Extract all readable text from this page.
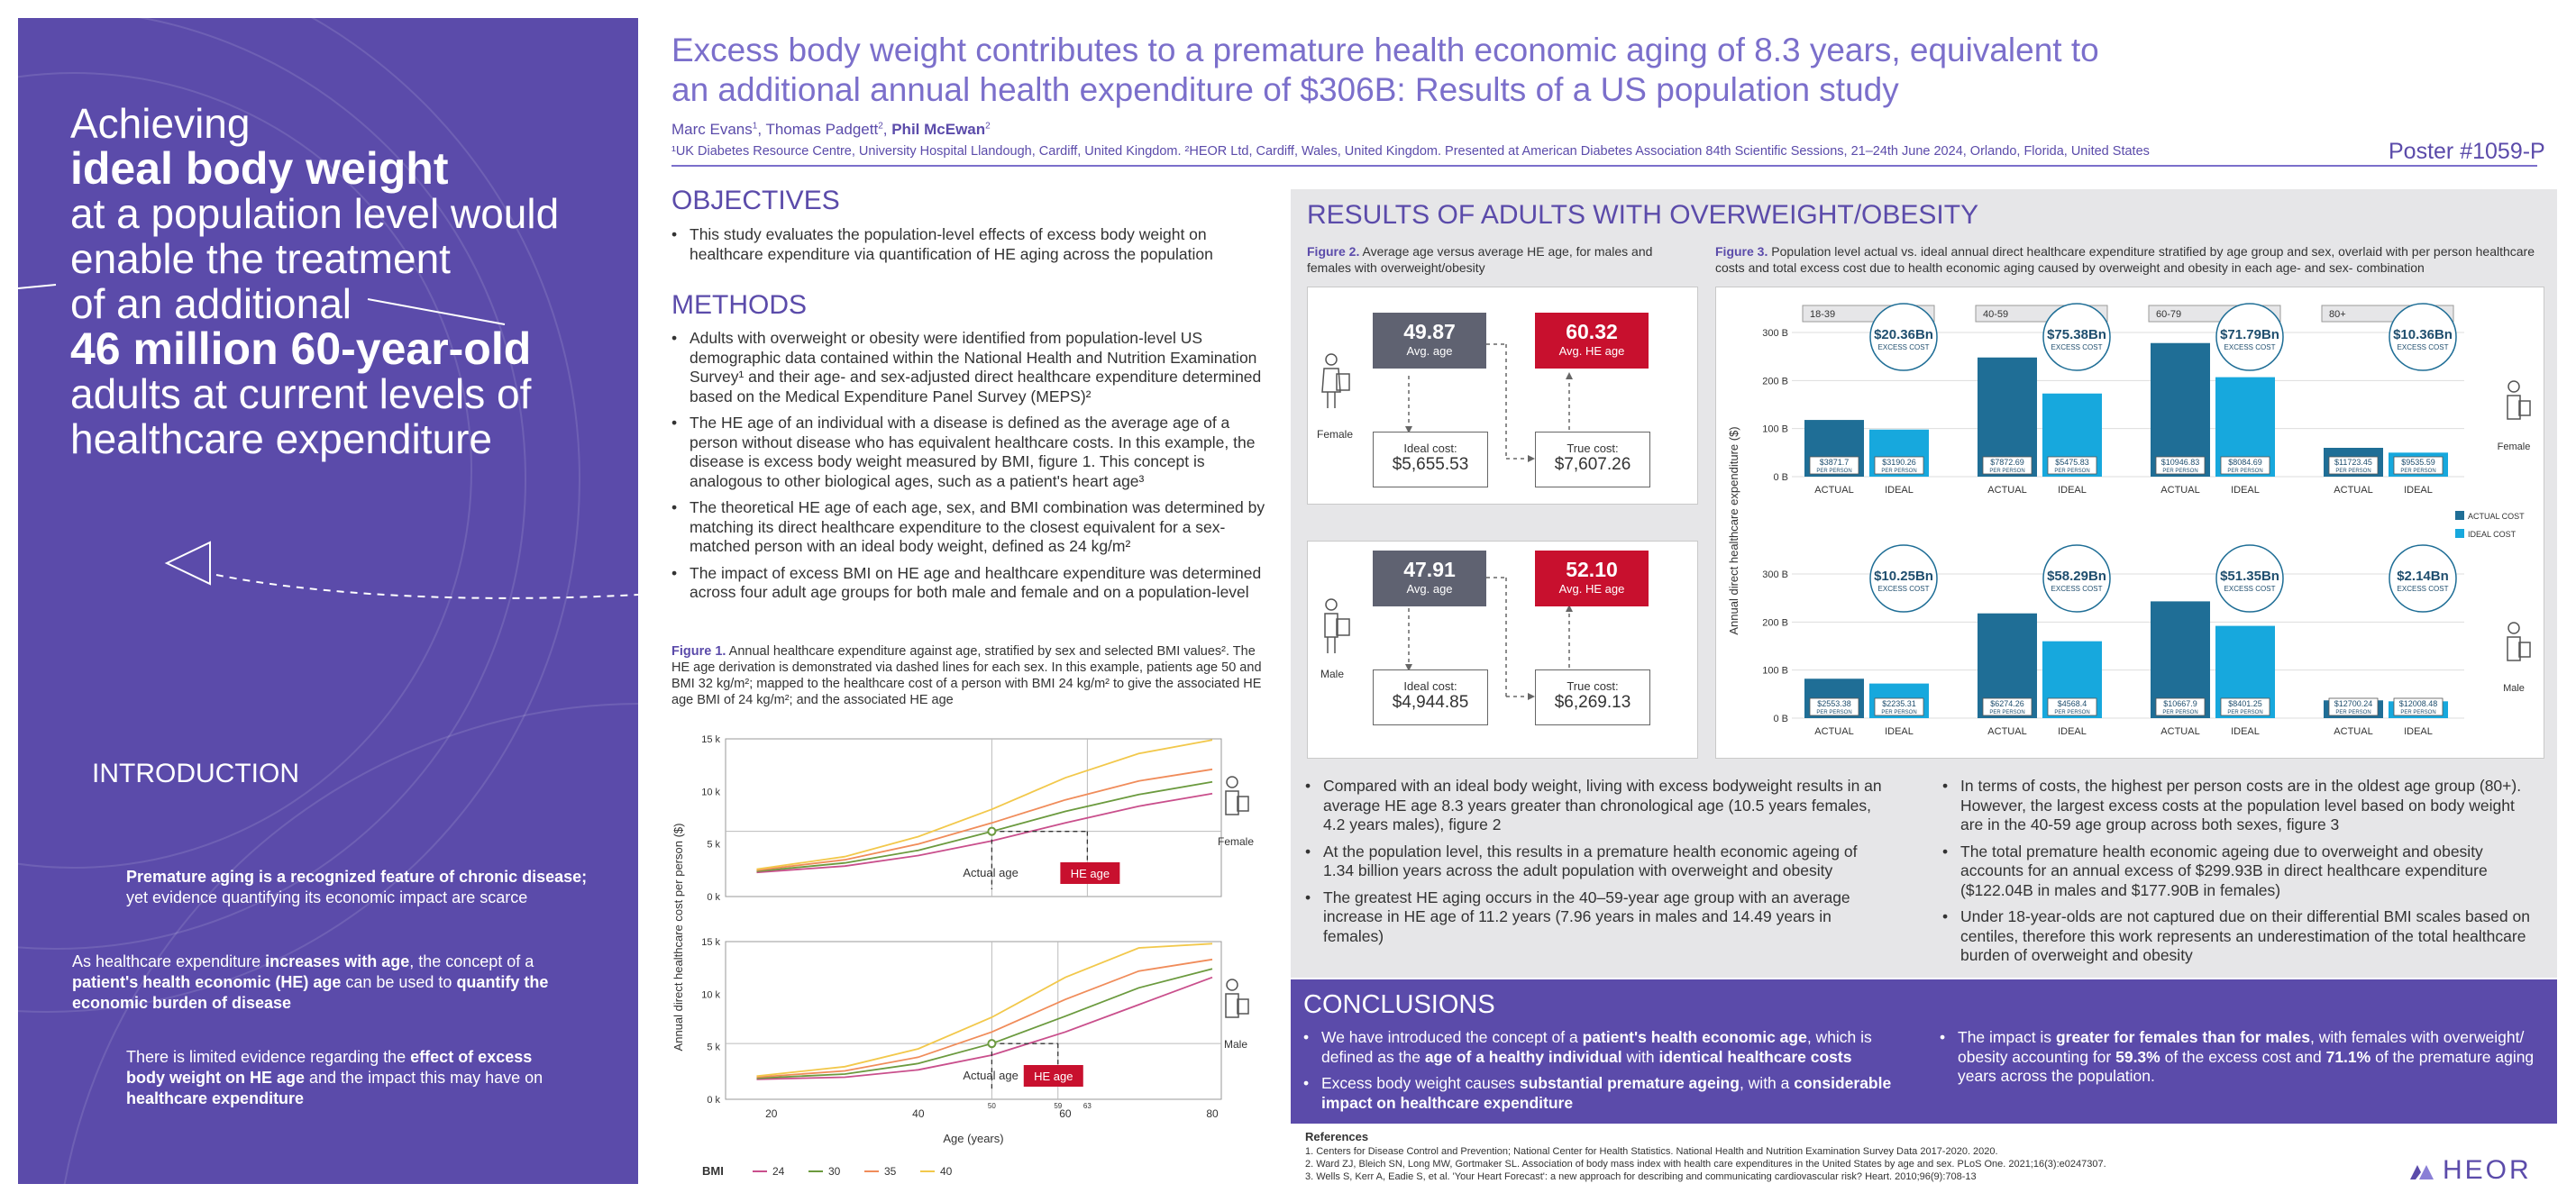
Achieving
ideal body weight
at a population level would
enable the treatment
of an additional
46 million 60-year-old
adults at current levels of
healthcare expenditure
INTRODUCTION
Premature aging is a recognized feature of chronic disease;
yet evidence quantifying its economic impact are scarce
As healthcare expenditure increases with age, the concept of a
patient's health economic (HE) age can be used to quantify the
economic burden of disease
There is limited evidence regarding the effect of excess
body weight on HE age and the impact this may have on
healthcare expenditure
Excess body weight contributes to a premature health economic aging of 8.3 years, equivalent to
an additional annual health expenditure of $306B: Results of a US population study
Marc Evans$^1$, Thomas Padgett$^2$, Phil McEwan$^2$
¹UK Diabetes Resource Centre, University Hospital Llandough, Cardiff, United Kingdom. ²HEOR Ltd, Cardiff, Wales, United Kingdom. Presented at American Diabetes Association 84th Scientific Sessions, 21–24th June 2024, Orlando, Florida, United States	Poster #1059-P
OBJECTIVES
• This study evaluates the population-level effects of excess body weight on healthcare expenditure via quantification of HE aging across the population
METHODS
• Adults with overweight or obesity were identified from population-level US demographic data contained within the National Health and Nutrition Examination Survey¹ and their age- and sex-adjusted direct healthcare expenditure determined based on the Medical Expenditure Panel Survey (MEPS)²
• The HE age of an individual with a disease is defined as the average age of a person without disease who has equivalent healthcare costs. In this example, the disease is excess body weight measured by BMI, figure 1. This concept is analogous to other biological ages, such as a patient's heart age³
• The theoretical HE age of each age, sex, and BMI combination was determined by matching its direct healthcare expenditure to the closest equivalent for a sex-matched person with an ideal body weight, defined as 24 kg/m²
• The impact of excess BMI on HE age and healthcare expenditure was determined across four adult age groups for both male and female and on a population-level
Figure 1. Annual healthcare expenditure against age, stratified by sex and selected BMI values². The HE age derivation is demonstrated via dashed lines for each sex. In this example, patients age 50 and BMI 32 kg/m²; mapped to the healthcare cost of a person with BMI 24 kg/m² to give the associated HE age BMI of 24 kg/m²; and the associated HE age
Annual direct healthcare cost per person ($) 0 k
5 k
10 k
15 k
Actual age	HE age
Female
0 k
5 k
10 k
15 k
Actual age HE age
Male
20	40	60	80
50	59	63
Age (years)
BMI	24	30	35	40
RESULTS OF ADULTS WITH OVERWEIGHT/OBESITY
Figure 2. Average age versus average HE age, for males and females with overweight/obesity
Figure 3. Population level actual vs. ideal annual direct healthcare expenditure stratified by age group and sex, overlaid with per person healthcare costs and total excess cost due to health economic aging caused by overweight and obesity in each age- and sex- combination
Female
49.87
Avg. age
60.32
Avg. HE age
Ideal cost:
$5,655.53
True cost:
$7,607.26
Male
47.91
Avg. age
52.10
Avg. HE age
Ideal cost:
$4,944.85
True cost:
$6,269.13
Annual direct healthcare expenditure ($)	0 B
100 B
200 B
300 B
18-39
$3871.7
PER PERSON
$3190.26
PER PERSON
ACTUAL	IDEAL
$20.36Bn
EXCESS COST
40-59
$7872.69
PER PERSON
$5475.83
PER PERSON
ACTUAL	IDEAL
$75.38Bn
EXCESS COST
60-79
$10946.83
PER PERSON
$8084.69
PER PERSON
ACTUAL	IDEAL
$71.79Bn
EXCESS COST
80+
$11723.45
PER PERSON
$9535.59
PER PERSON
ACTUAL	IDEAL
$10.36Bn
EXCESS COST
Female
0 B
100 B
200 B
300 B
$2553.38
PER PERSON
$2235.31
PER PERSON
ACTUAL	IDEAL
$10.25Bn
EXCESS COST
$6274.26
PER PERSON
$4568.4
PER PERSON
ACTUAL	IDEAL
$58.29Bn
EXCESS COST
$10667.9
PER PERSON
$8401.25
PER PERSON
ACTUAL	IDEAL
$51.35Bn
EXCESS COST
$12700.24
PER PERSON
$12008.48
PER PERSON
ACTUAL	IDEAL
$2.14Bn
EXCESS COST
Male
ACTUAL COST
IDEAL COST
• Compared with an ideal body weight, living with excess bodyweight results in an average HE age 8.3 years greater than chronological age (10.5 years females, 4.2 years males), figure 2
• At the population level, this results in a premature health economic ageing of 1.34 billion years across the adult population with overweight and obesity
• The greatest HE aging occurs in the 40–59-year age group with an average increase in HE age of 11.2 years (7.96 years in males and 14.49 years in females)
• In terms of costs, the highest per person costs are in the oldest age group (80+). However, the largest excess costs at the population level based on body weight are in the 40-59 age group across both sexes, figure 3
• The total premature health economic ageing due to overweight and obesity accounts for an annual excess of $299.93B in direct healthcare expenditure ($122.04B in males and $177.90B in females)
• Under 18-year-olds are not captured due on their differential BMI scales based on centiles, therefore this work represents an underestimation of the total healthcare burden of overweight and obesity
CONCLUSIONS
• We have introduced the concept of a patient's health economic age, which is defined as the age of a healthy individual with identical healthcare costs
• Excess body weight causes substantial premature ageing, with a considerable impact on healthcare expenditure
• The impact is greater for females than for males, with females with overweight/ obesity accounting for 59.3% of the excess cost and 71.1% of the premature aging years across the population.
References
1. Centers for Disease Control and Prevention; National Center for Health Statistics. National Health and Nutrition Examination Survey Data 2017-2020. 2020.
2. Ward ZJ, Bleich SN, Long MW, Gortmaker SL. Association of body mass index with health care expenditures in the United States by age and sex. PLoS One. 2021;16(3):e0247307.
3. Wells S, Kerr A, Eadie S, et al. 'Your Heart Forecast': a new approach for describing and communicating cardiovascular risk? Heart. 2010;96(9):708-13	HEOR
